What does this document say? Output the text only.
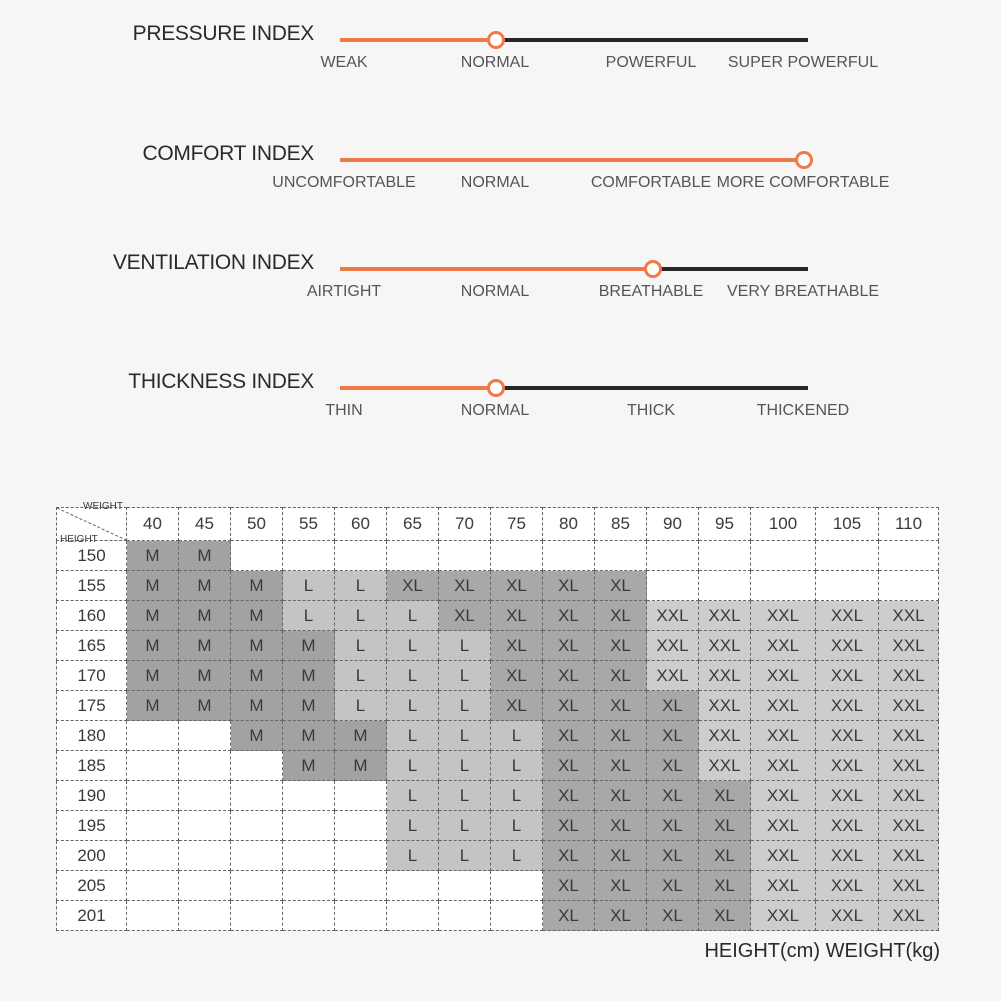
PRESSURE INDEX
WEAK	NORMAL	POWERFUL SUPER POWERFUL
COMFORT INDEX
UNCOMFORTABLE	NORMAL	COMFORTABLE MORE COMFORTABLE
VENTILATION INDEX
AIRTIGHT	NORMAL	BREATHABLE VERY BREATHABLE
THICKNESS INDEX
THIN	NORMAL	THICK	THICKENED
WEIGHT
HEIGHT	40	45	50	55	60	65	70	75	80	85	90	95	100	105	110
150	M	M													
155	M	M	M	L	L	XL	XL	XL	XL	XL					
160	M	M	M	L	L	L	XL	XL	XL	XL	XXL	XXL	XXL	XXL	XXL
165	M	M	M	M	L	L	L	XL	XL	XL	XXL	XXL	XXL	XXL	XXL
170	M	M	M	M	L	L	L	XL	XL	XL	XXL	XXL	XXL	XXL	XXL
175	M	M	M	M	L	L	L	XL	XL	XL	XL	XXL	XXL	XXL	XXL
180			M	M	M	L	L	L	XL	XL	XL	XXL	XXL	XXL	XXL
185				M	M	L	L	L	XL	XL	XL	XXL	XXL	XXL	XXL
190						L	L	L	XL	XL	XL	XL	XXL	XXL	XXL
195						L	L	L	XL	XL	XL	XL	XXL	XXL	XXL
200						L	L	L	XL	XL	XL	XL	XXL	XXL	XXL
205									XL	XL	XL	XL	XXL	XXL	XXL
201									XL	XL	XL	XL	XXL	XXL	XXL
HEIGHT(cm) WEIGHT(kg)
